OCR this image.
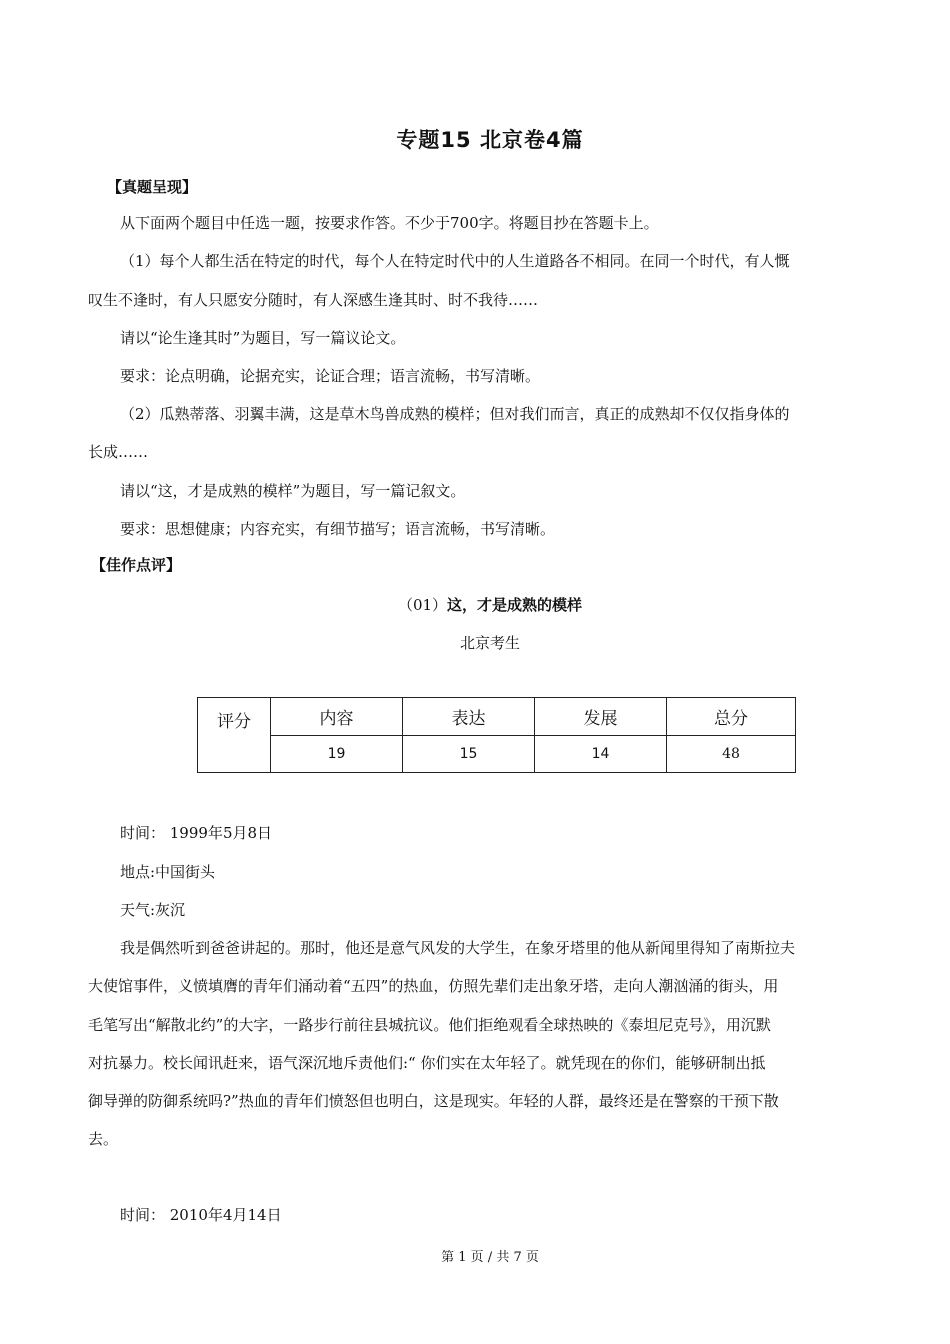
专题15 北京卷4篇
【真题呈现】
从下面两个题目中任选一题，按要求作答。不少于700字。将题目抄在答题卡上。
（1）每个人都生活在特定的时代，每个人在特定时代中的人生道路各不相同。在同一个时代，有人慨
叹生不逢时，有人只愿安分随时，有人深感生逢其时、时不我待……
请以“论生逢其时”为题目，写一篇议论文。
要求：论点明确，论据充实，论证合理；语言流畅，书写清晰。
（2）瓜熟蒂落、羽翼丰满，这是草木鸟兽成熟的模样；但对我们而言，真正的成熟却不仅仅指身体的
长成……
请以“这，才是成熟的模样”为题目，写一篇记叙文。
要求：思想健康；内容充实，有细节描写；语言流畅，书写清晰。
【佳作点评】
（01）这，才是成熟的模样
北京考生
评分	内容	表达	发展	总分
	19	15	14	48
时间： 1999年5月8日
地点:中国街头
天气:灰沉
我是偶然听到爸爸讲起的。那时，他还是意气风发的大学生，在象牙塔里的他从新闻里得知了南斯拉夫
大使馆事件，义愤填膺的青年们涌动着“五四”的热血，仿照先辈们走出象牙塔，走向人潮汹涌的街头，用
毛笔写出“解散北约”的大字，一路步行前往县城抗议。他们拒绝观看全球热映的《泰坦尼克号》，用沉默
对抗暴力。校长闻讯赶来，语气深沉地斥责他们:“ 你们实在太年轻了。就凭现在的你们，能够研制出抵
御导弹的防御系统吗?”热血的青年们愤怒但也明白，这是现实。年轻的人群，最终还是在警察的干预下散
去。
时间： 2010年4月14日
第 1 页 / 共 7 页
